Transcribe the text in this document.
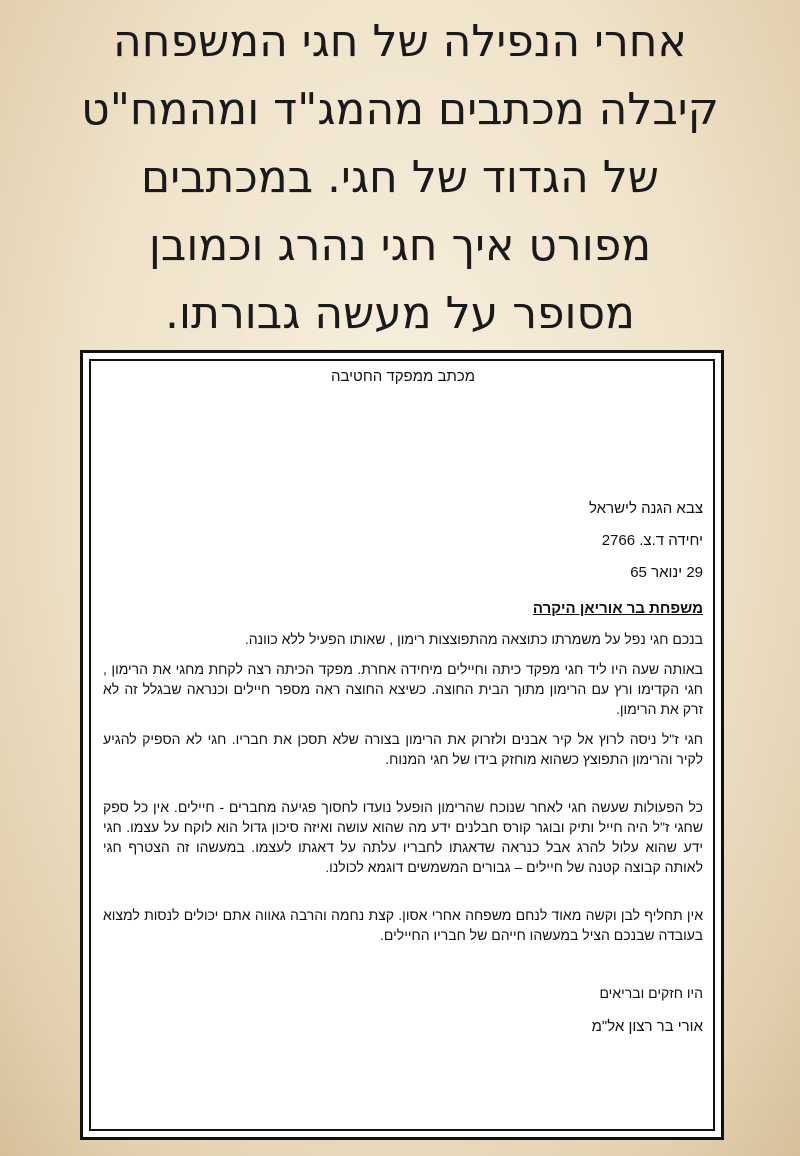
אחרי הנפילה של חגי המשפחה
קיבלה מכתבים מהמג"ד ומהמח"ט
של הגדוד של חגי. במכתבים
מפורט איך חגי נהרג וכמובן
מסופר על מעשה גבורתו.
מכתב ממפקד החטיבה
צבא הגנה לישראל
יחידה ד.צ. 2766
29 ינואר 65
משפחת בר אוריאן היקרה

בנכם חגי נפל על משמרתו כתוצאה מהתפוצצות רימון , שאותו הפעיל ללא כוונה.

באותה שעה היו ליד חגי מפקד כיתה וחיילים מיחידה אחרת. מפקד הכיתה רצה לקחת מחגי את הרימון , חגי הקדימו ורץ עם הרימון מתוך הבית החוצה. כשיצא החוצה ראה מספר חיילים וכנראה שבגלל זה לא זרק את הרימון.

חגי ז"ל ניסה לרוץ אל קיר אבנים ולזרוק את הרימון בצורה שלא תסכן את חבריו. חגי לא הספיק להגיע לקיר והרימון התפוצץ כשהוא מוחזק בידו של חגי המנוח.

כל הפעולות שעשה חגי לאחר שנוכח שהרימון הופעל נועדו לחסוך פגיעה מחברים - חיילים. אין כל ספק שחגי ז"ל היה חייל ותיק ובוגר קורס חבלנים ידע מה שהוא עושה ואיזה סיכון גדול הוא לוקח על עצמו. חגי ידע שהוא עלול להרג אבל כנראה שדאגתו לחבריו עלתה על דאגתו לעצמו. במעשהו זה הצטרף חגי לאותה קבוצה קטנה של חיילים – גבורים המשמשים דוגמא לכולנו.

אין תחליף לבן וקשה מאוד לנחם משפחה אחרי אסון. קצת נחמה והרבה גאווה אתם יכולים לנסות למצוא בעובדה שבנכם הציל במעשהו חייהם של חבריו החיילים.

היו חזקים ובריאים
אורי בר רצון אל"מ
